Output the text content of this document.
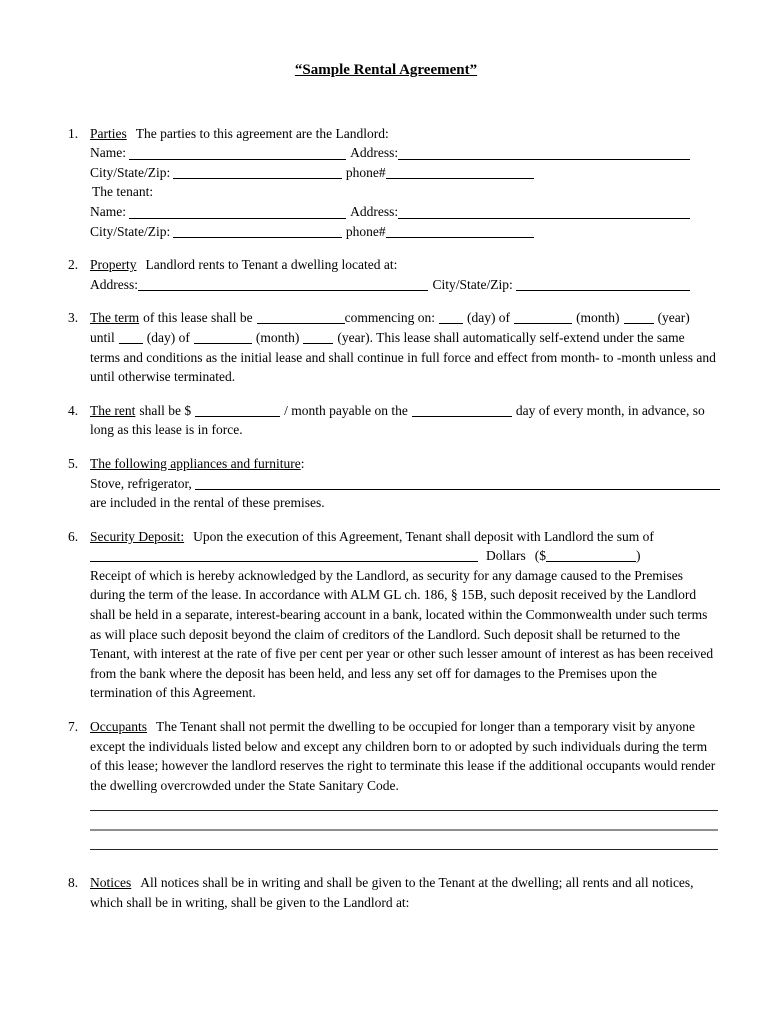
“Sample Rental Agreement”
1. Parties The parties to this agreement are the Landlord:
Name:	Address:
City/State/Zip:	phone#
The tenant:
Name:	Address:
City/State/Zip:	phone#
2. Property Landlord rents to Tenant a dwelling located at:
Address:	City/State/Zip:
3. The term of this lease shall be	commencing on: (day) of	(month)	(year)
until (day) of	(month)	(year). This lease shall automatically self-extend under the same
terms and conditions as the initial lease and shall continue in full force and effect from month- to -month unless and until otherwise terminated.
4. The rent shall be $	/ month payable on the	day of every month, in advance, so long as this lease is in force.
5. The following appliances and furniture:
Stove, refrigerator,
are included in the rental of these premises.
6. Security Deposit: Upon the execution of this Agreement, Tenant shall deposit with Landlord the sum of
Dollars ($	)
Receipt of which is hereby acknowledged by the Landlord, as security for any damage caused to the Premises during the term of the lease. In accordance with ALM GL ch. 186, § 15B, such deposit received by the Landlord shall be held in a separate, interest-bearing account in a bank, located within the Commonwealth under such terms as will place such deposit beyond the claim of creditors of the Landlord. Such deposit shall be returned to the Tenant, with interest at the rate of five per cent per year or other such lesser amount of interest as has been received from the bank where the deposit has been held, and less any set off for damages to the Premises upon the termination of this Agreement.
7. Occupants The Tenant shall not permit the dwelling to be occupied for longer than a temporary visit by anyone except the individuals listed below and except any children born to or adopted by such individuals during the term of this lease; however the landlord reserves the right to terminate this lease if the additional occupants would render the dwelling overcrowded under the State Sanitary Code.
8. Notices All notices shall be in writing and shall be given to the Tenant at the dwelling; all rents and all notices, which shall be in writing, shall be given to the Landlord at:
